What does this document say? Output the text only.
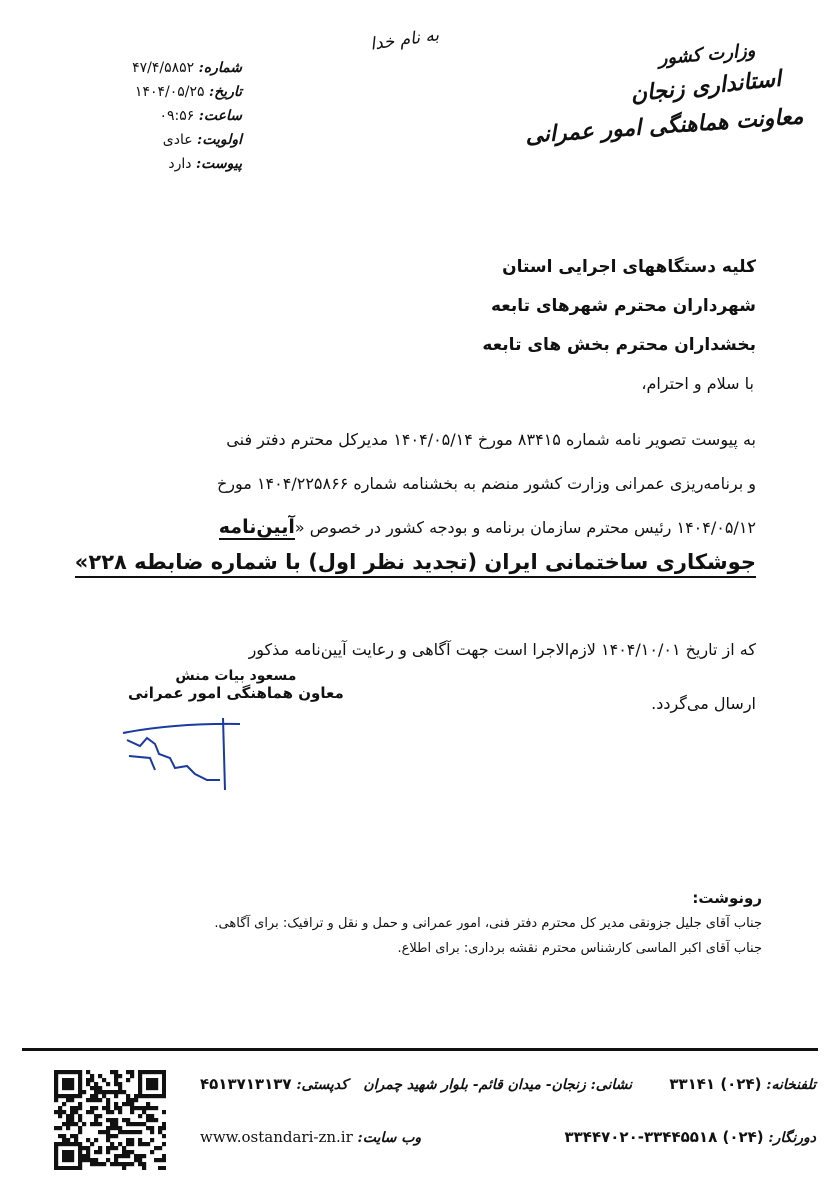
به نام خدا	وزارت کشور
استانداری زنجان
معاونت هماهنگی امور عمرانی
شماره: ۴۷/۴/۵۸۵۲
تاریخ: ۱۴۰۴/۰۵/۲۵
ساعت: ۰۹:۵۶
اولویت: عادی
پیوست: دارد
کلیه دستگاههای اجرایی استان
شهرداران محترم شهرهای تابعه
بخشداران محترم بخش های تابعه
با سلام و احترام،
به پیوست تصویر نامه شماره ۸۳۴۱۵ مورخ ۱۴۰۴/۰۵/۱۴ مدیرکل محترم دفتر فنی
و برنامه‌ریزی عمرانی وزارت کشور منضم به بخشنامه شماره ۱۴۰۴/۲۲۵۸۶۶ مورخ
۱۴۰۴/۰۵/۱۲ رئیس محترم سازمان برنامه و بودجه کشور در خصوص «آیین‌نامه
جوشکاری ساختمانی ایران (تجدید نظر اول) با شماره ضابطه ۲۲۸»
که از تاریخ ۱۴۰۴/۱۰/۰۱ لازم‌الاجرا است جهت آگاهی و رعایت آیین‌نامه مذکور
ارسال می‌گردد.
مسعود بیات منش
معاون هماهنگی امور عمرانی
رونوشت:
جناب آقای جلیل جزونقی مدیر کل محترم دفتر فنی، امور عمرانی و حمل و نقل و ترافیک: برای آگاهی.
جناب آقای اکبر الماسی کارشناس محترم نقشه برداری: برای اطلاع.
تلفنخانه: (۰۲۴) ۳۳۱۴۱
نشانی: زنجان- میدان قائم- بلوار شهید چمران
کدپستی: ۴۵۱۳۷۱۳۱۳۷
دورنگار: (۰۲۴) ۳۳۴۴۵۵۱۸-۳۳۴۴۷۰۲۰
وب سایت: www.ostandari-zn.ir
